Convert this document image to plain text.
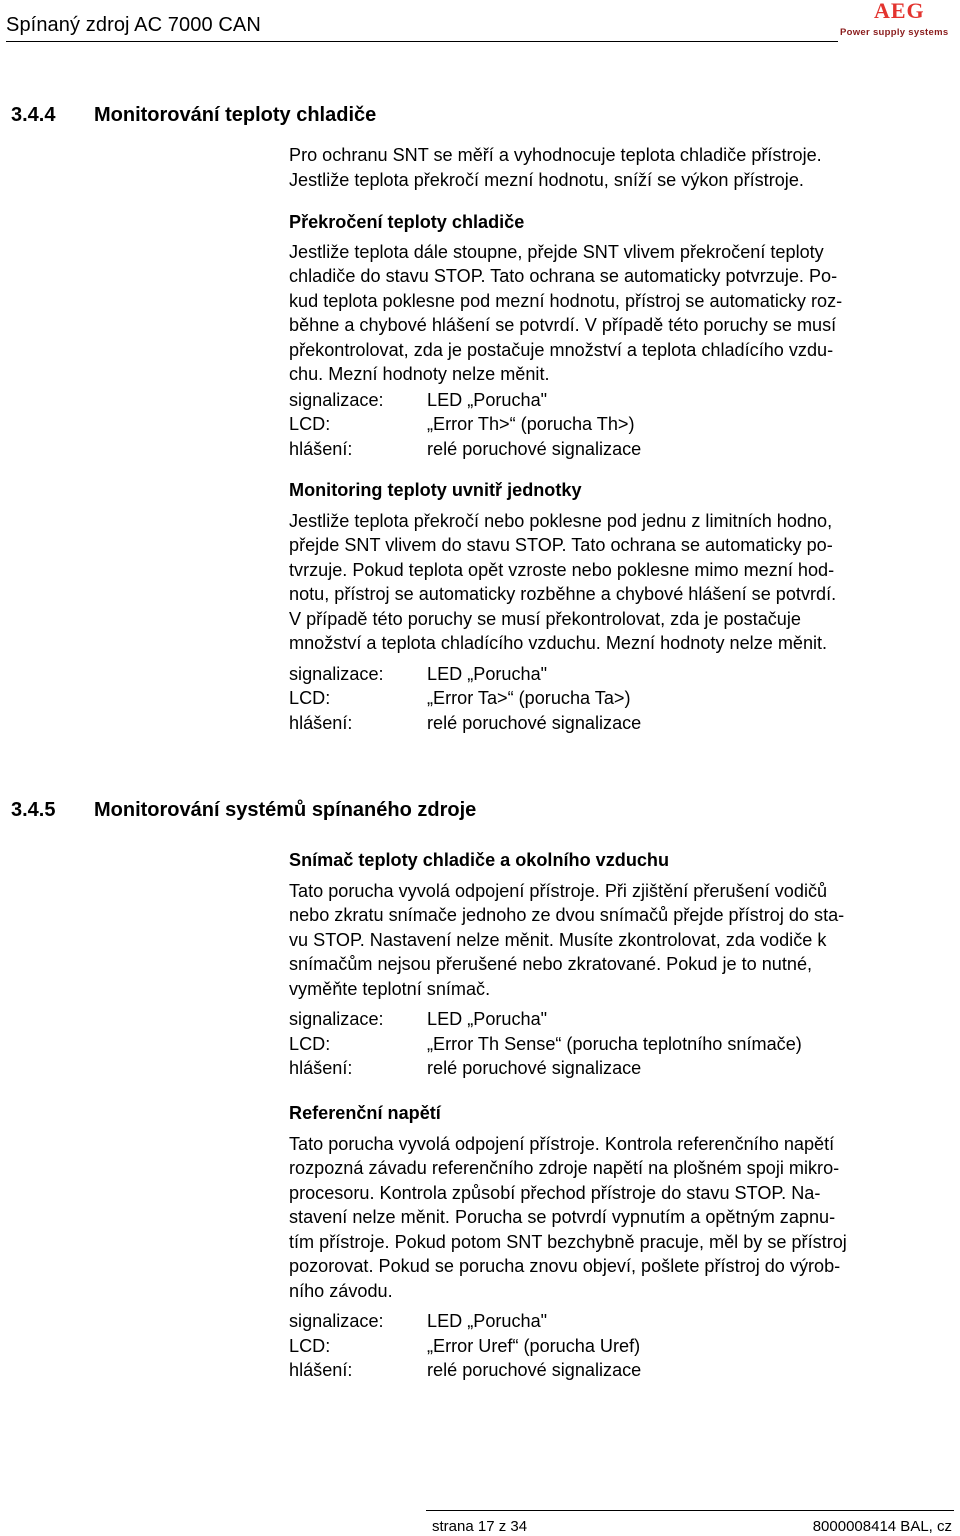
Spínaný zdroj AC 7000 CAN
AEG
Power supply systems
3.4.4 Monitorování teploty chladiče

Pro ochranu SNT se měří a vyhodnocuje teplota chladiče přístroje.

Jestliže teplota překročí mezní hodnotu, sníží se výkon přístroje.

Překročení teploty chladiče

Jestliže teplota dále stoupne, přejde SNT vlivem překročení teploty

chladiče do stavu STOP. Tato ochrana se automaticky potvrzuje. Po-

kud teplota poklesne pod mezní hodnotu, přístroj se automaticky roz-

běhne a chybové hlášení se potvrdí. V případě této poruchy se musí

překontrolovat, zda je postačuje množství a teplota chladícího vzdu-

chu. Mezní hodnoty nelze měnit.

signalizace:	LED „Porucha"
LCD:	„Error Th>“ (porucha Th>)
hlášení:	relé poruchové signalizace

Monitoring teploty uvnitř jednotky

Jestliže teplota překročí nebo poklesne pod jednu z limitních hodno,

přejde SNT vlivem do stavu STOP. Tato ochrana se automaticky po-

tvrzuje. Pokud teplota opět vzroste nebo poklesne mimo mezní hod-

notu, přístroj se automaticky rozběhne a chybové hlášení se potvrdí.

V případě této poruchy se musí překontrolovat, zda je postačuje

množství a teplota chladícího vzduchu. Mezní hodnoty nelze měnit.

signalizace:	LED „Porucha"
LCD:	„Error Ta>“ (porucha Ta>)
hlášení:	relé poruchové signalizace
3.4.5 Monitorování systémů spínaného zdroje

Snímač teploty chladiče a okolního vzduchu

Tato porucha vyvolá odpojení přístroje. Při zjištění přerušení vodičů

nebo zkratu snímače jednoho ze dvou snímačů přejde přístroj do sta-

vu STOP. Nastavení nelze měnit. Musíte zkontrolovat, zda vodiče k

snímačům nejsou přerušené nebo zkratované. Pokud je to nutné,

vyměňte teplotní snímač.

signalizace:	LED „Porucha"
LCD:	„Error Th Sense“ (porucha teplotního snímače)
hlášení:	relé poruchové signalizace

Referenční napětí

Tato porucha vyvolá odpojení přístroje. Kontrola referenčního napětí

rozpozná závadu referenčního zdroje napětí na plošném spoji mikro-

procesoru. Kontrola způsobí přechod přístroje do stavu STOP. Na-

stavení nelze měnit. Porucha se potvrdí vypnutím a opětným zapnu-

tím přístroje. Pokud potom SNT bezchybně pracuje, měl by se přístroj

pozorovat. Pokud se porucha znovu objeví, pošlete přístroj do výrob-

ního závodu.

signalizace:	LED „Porucha"
LCD:	„Error Uref“ (porucha Uref)
hlášení:	relé poruchové signalizace
strana 17 z 34	8000008414 BAL, cz
